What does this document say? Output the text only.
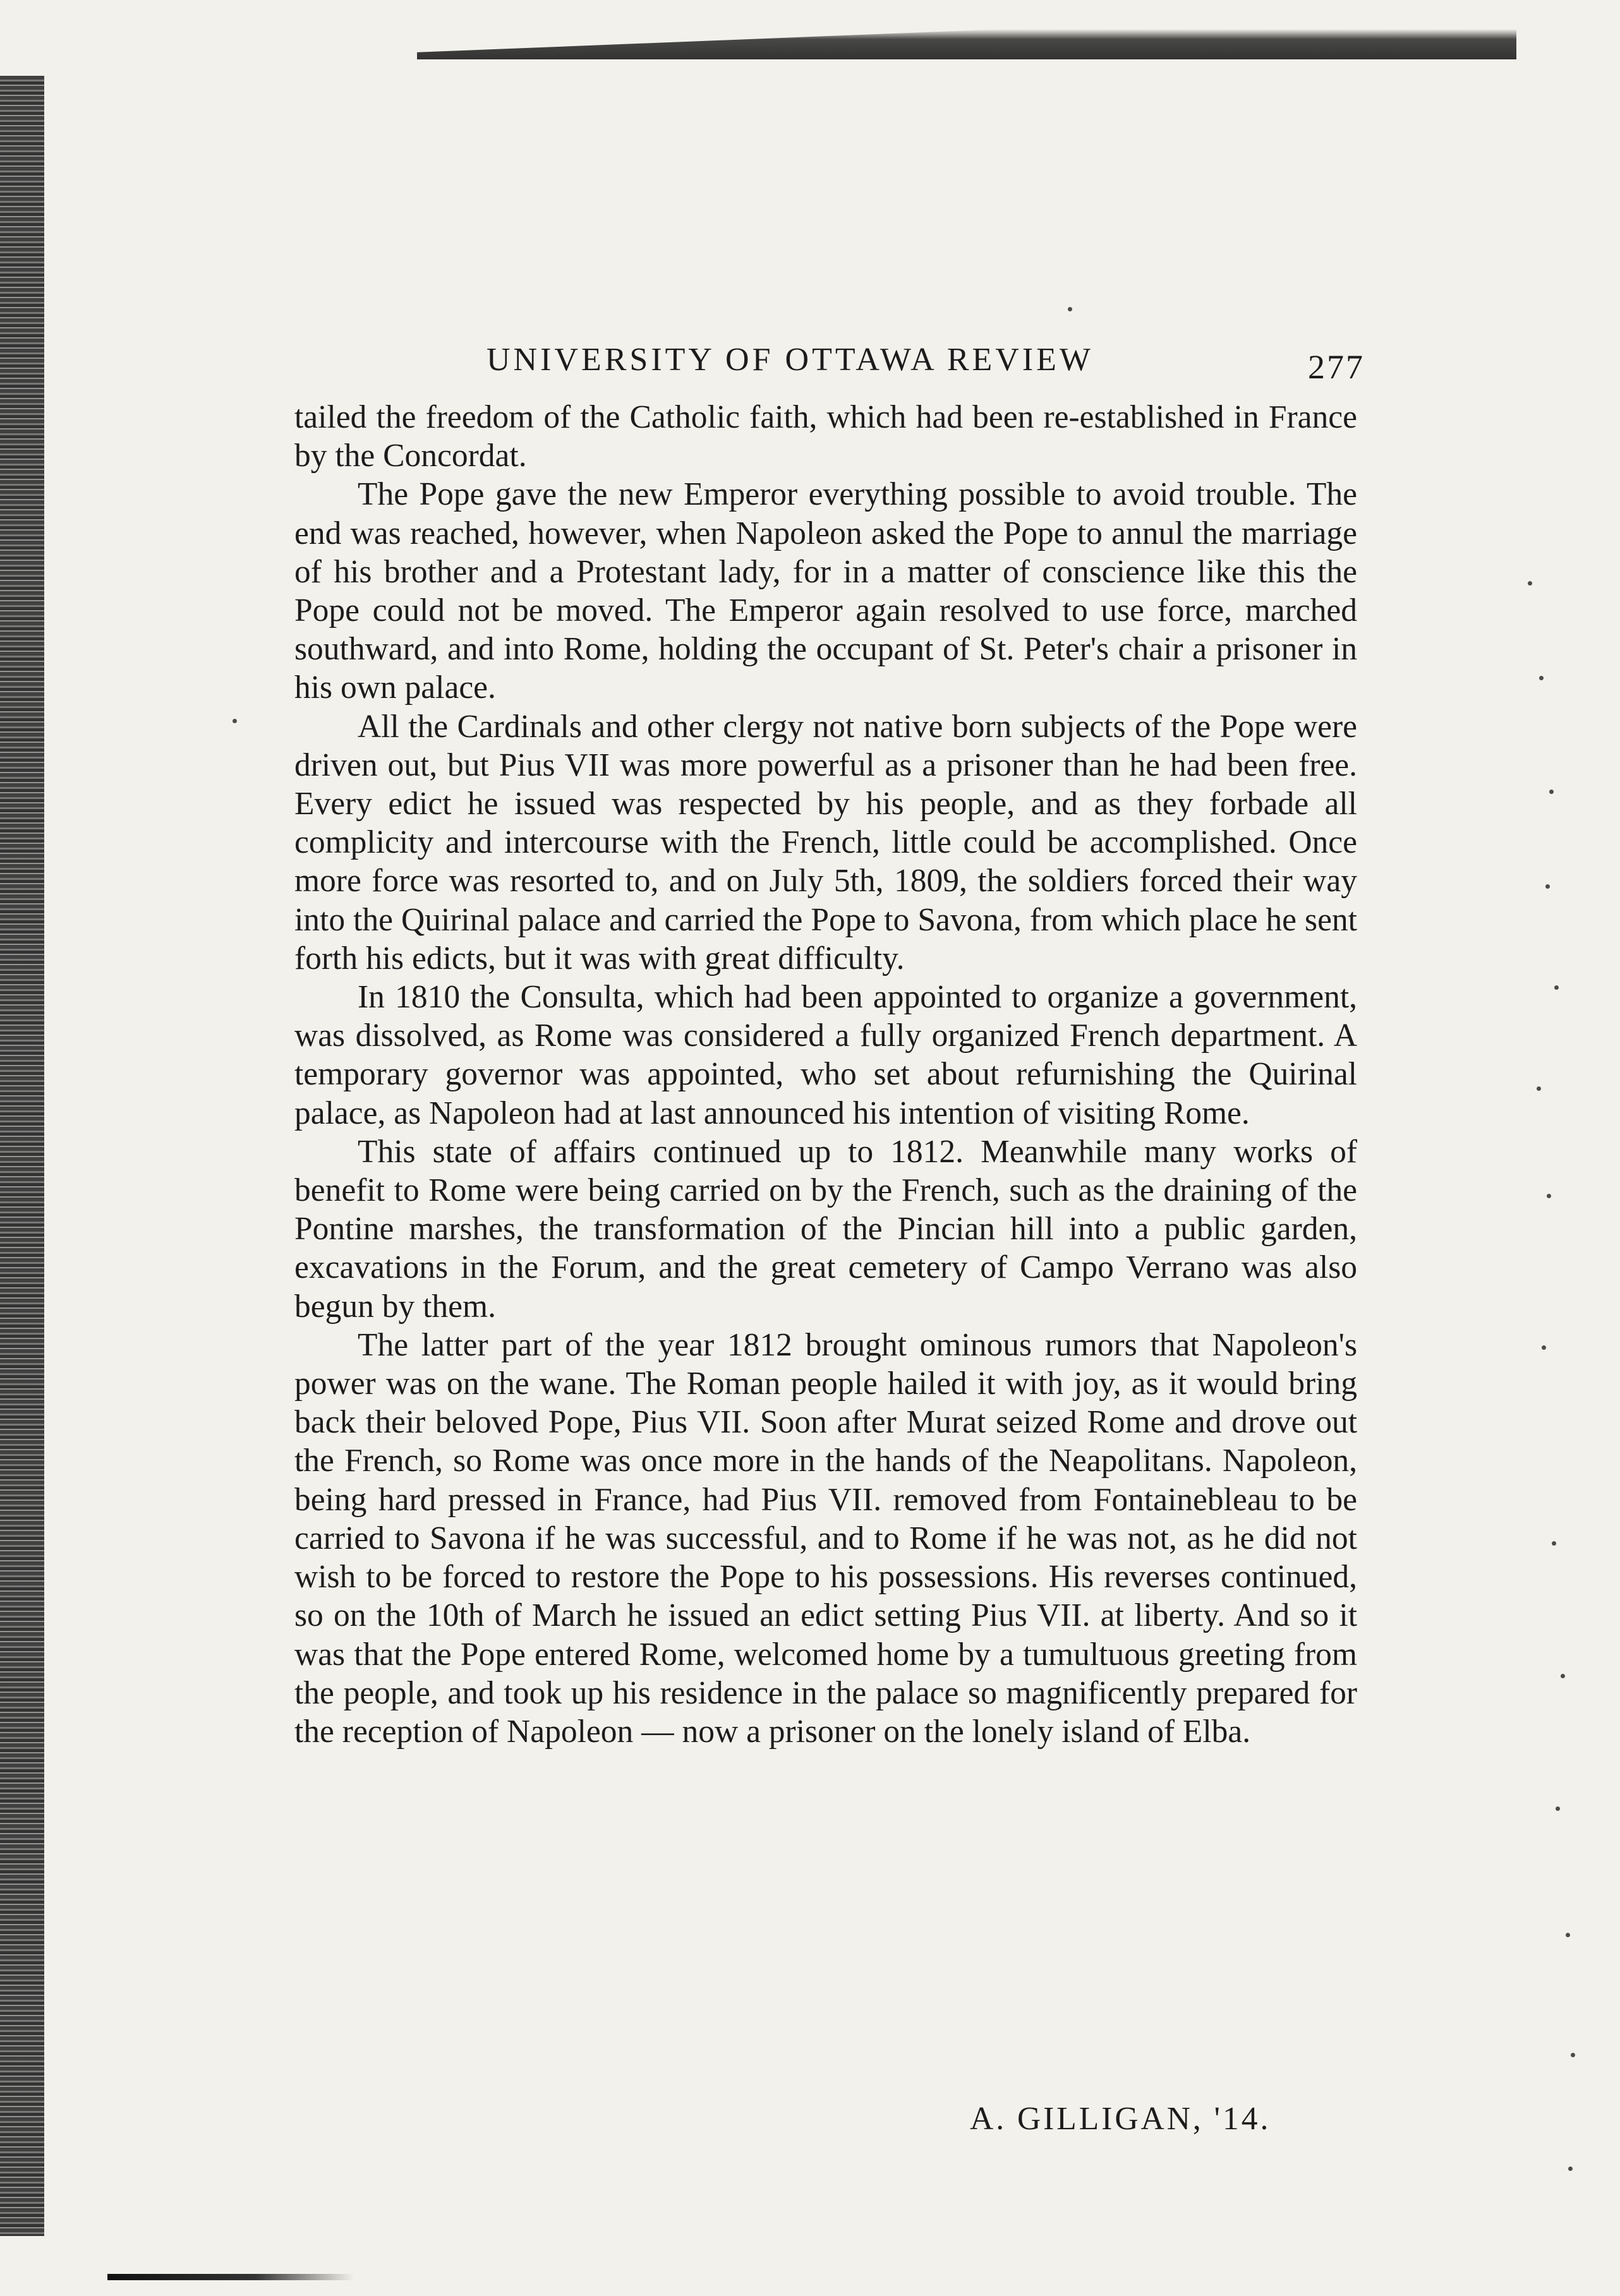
UNIVERSITY OF OTTAWA REVIEW	277

tailed the freedom of the Catholic faith, which had been re-established in France by the Concordat.

The Pope gave the new Emperor everything possible to avoid trouble. The end was reached, however, when Napoleon asked the Pope to annul the marriage of his brother and a Protestant lady, for in a matter of conscience like this the Pope could not be moved. The Emperor again resolved to use force, marched southward, and into Rome, holding the occupant of St. Peter's chair a prisoner in his own palace.

All the Cardinals and other clergy not native born subjects of the Pope were driven out, but Pius VII was more powerful as a prisoner than he had been free. Every edict he issued was respected by his people, and as they forbade all complicity and intercourse with the French, little could be accomplished. Once more force was resorted to, and on July 5th, 1809, the soldiers forced their way into the Quirinal palace and carried the Pope to Savona, from which place he sent forth his edicts, but it was with great difficulty.

In 1810 the Consulta, which had been appointed to organize a government, was dissolved, as Rome was considered a fully organized French department. A temporary governor was appointed, who set about refurnishing the Quirinal palace, as Napoleon had at last announced his intention of visiting Rome.

This state of affairs continued up to 1812. Meanwhile many works of benefit to Rome were being carried on by the French, such as the draining of the Pontine marshes, the transformation of the Pincian hill into a public garden, excavations in the Forum, and the great cemetery of Campo Verrano was also begun by them.

The latter part of the year 1812 brought ominous rumors that Napoleon's power was on the wane. The Roman people hailed it with joy, as it would bring back their beloved Pope, Pius VII. Soon after Murat seized Rome and drove out the French, so Rome was once more in the hands of the Neapolitans. Napoleon, being hard pressed in France, had Pius VII. removed from Fontainebleau to be carried to Savona if he was successful, and to Rome if he was not, as he did not wish to be forced to restore the Pope to his possessions. His reverses continued, so on the 10th of March he issued an edict setting Pius VII. at liberty. And so it was that the Pope entered Rome, welcomed home by a tumultuous greeting from the people, and took up his residence in the palace so magnificently prepared for the reception of Napoleon — now a prisoner on the lonely island of Elba.

A. GILLIGAN, '14.
